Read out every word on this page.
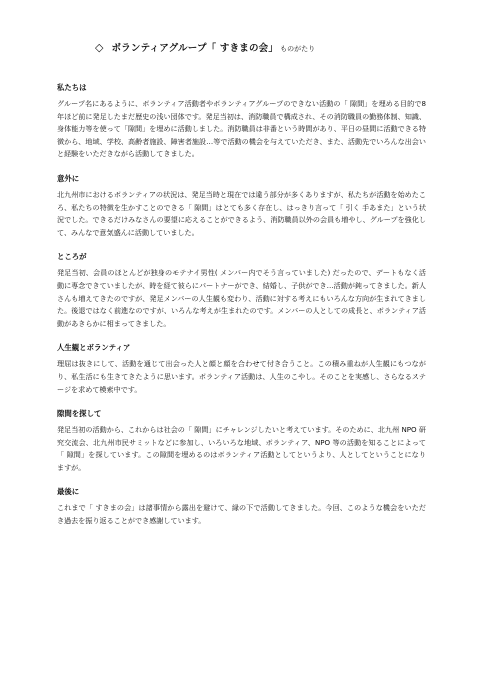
◇ ボランティアグループ「 すきまの会」 ものがたり
私たちは
グループ名にあるように、ボランティア活動者やボランティアグループのできない活動の「 隙間」を埋める目的で8 年ほど前に発足したまだ歴史の浅い団体です。発足当初は、消防職員で構成され、その消防職員の勤務体制、知識、身体能力等を使って「隙間」を埋めに活動しました。消防職員は非番という時間があり、平日の昼間に活動できる特徴から、地域、学校、高齢者施設、障害者施設…等で活動の機会を与えていただき、また、活動先でいろんな出会いと経験をいただきながら活動してきました。
意外に
北九州市におけるボランティアの状況は、発足当時と現在では違う部分が多くありますが、私たちが活動を始めたころ、私たちの特徴を生かすことのできる「 隙間」はとても多く存在し、はっきり言って「 引く 手あまた」という状況でした。できるだけみなさんの要望に応えることができるよう、消防職員以外の会員も増やし、グループを強化して、みんなで意気盛んに活動していました。
ところが
発足当初、会員のほとんどが独身のモテナイ男性( メンバー内でそう言っていました) だったので、デートもなく活動に専念できていましたが、時を経て彼らにパートナーができ、結婚し、子供ができ…活動が鈍ってきました。新人さんも増えてきたのですが、発足メンバーの人生観も変わり、活動に対する考えにもいろんな方向が生まれてきました。後退ではなく前進なのですが、いろんな考えが生まれたのです。メンバーの人としての成長と、ボランティア活動があきらかに相まってきました。
人生観とボランティア
理屈は抜きにして、活動を通じて出会った人と顔と顔を合わせて付き合うこと。この積み重ねが人生観にもつながり、私生活にも生きてきたように思います。ボランティア活動は、人生のこやし。そのことを実感し、さらなるステージを求めて模索中です。
隙間を探して
発足当初の活動から、これからは社会の「 隙間」にチャレンジしたいと考えています。そのために、北九州 NPO 研究交流会、北九州市民サミットなどに参加し、いろいろな地域、ボランティア、NPO 等の活動を知ることによって「 隙間」を探しています。この隙間を埋めるのはボランティア活動としてというより、人としてということになりますが。
最後に
これまで「 すきまの会」は諸事情から露出を避けて、縁の下で活動してきました。今回、このような機会をいただき過去を振り返ることができ感謝しています。
